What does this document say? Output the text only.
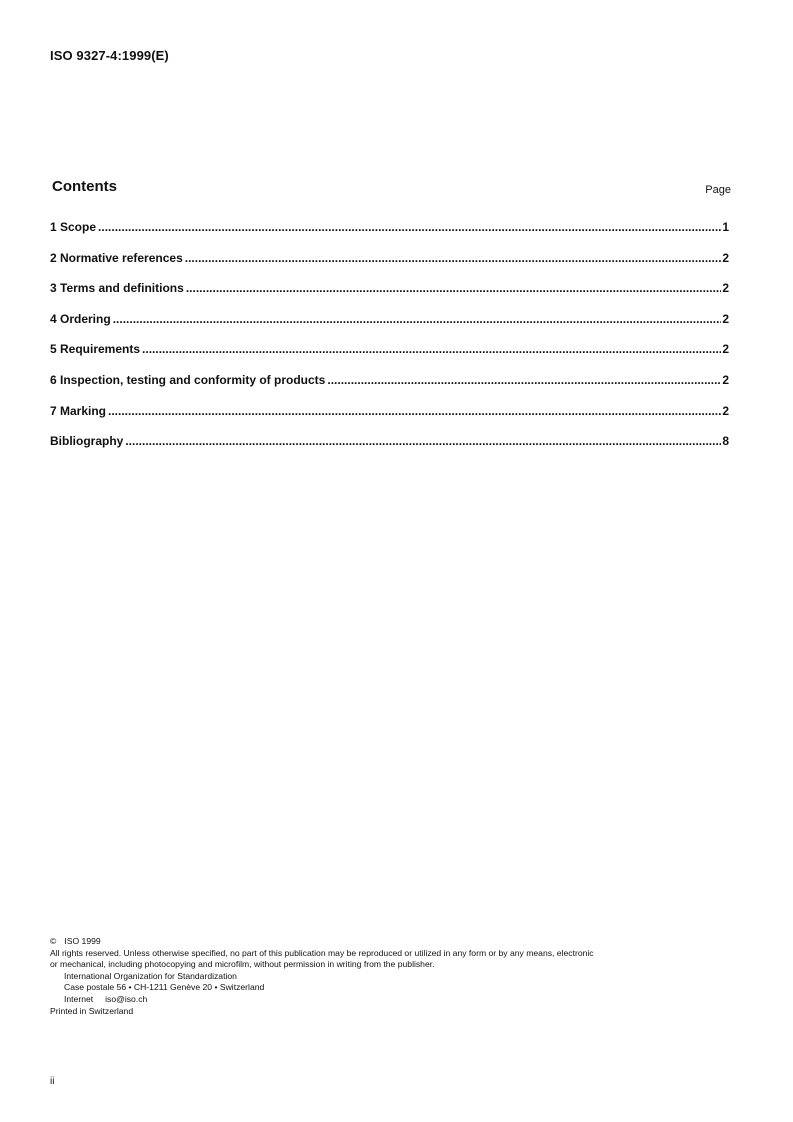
ISO 9327-4:1999(E)
Contents	Page
1 Scope .....	1
2 Normative references .....	2
3 Terms and definitions .....	2
4 Ordering .....	2
5 Requirements .....	2
6 Inspection, testing and conformity of products .....	2
7 Marking .....	2
Bibliography .....	8
© ISO 1999
All rights reserved. Unless otherwise specified, no part of this publication may be reproduced or utilized in any form or by any means, electronic
or mechanical, including photocopying and microfilm, without permission in writing from the publisher.
International Organization for Standardization
Case postale 56 • CH-1211 Genève 20 • Switzerland
Internet iso@iso.ch
Printed in Switzerland
ii
